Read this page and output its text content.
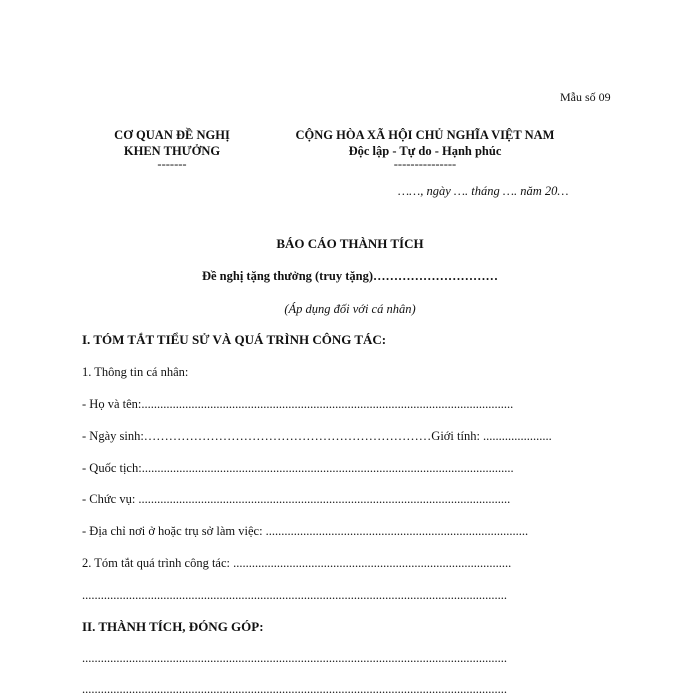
Mẫu số 09
CƠ QUAN ĐỀ NGHỊ
KHEN THƯỞNG
-------
CỘNG HÒA XÃ HỘI CHỦ NGHĨA VIỆT NAM
Độc lập - Tự do - Hạnh phúc
---------------
……, ngày …. tháng …. năm 20…
BÁO CÁO THÀNH TÍCH
Đề nghị tặng thưởng (truy tặng)…………………………
(Áp dụng đối với cá nhân)
I. TÓM TẮT TIỂU SỬ VÀ QUÁ TRÌNH CÔNG TÁC:
1. Thông tin cá nhân:
- Họ và tên:.......................................................................................................................
- Ngày sinh:……………………………………………………………Giới tính: ......................
- Quốc tịch:.......................................................................................................................
- Chức vụ: .......................................................................................................................
- Địa chỉ nơi ở hoặc trụ sở làm việc: ....................................................................................
2. Tóm tắt quá trình công tác: .........................................................................................
........................................................................................................................................
II. THÀNH TÍCH, ĐÓNG GÓP:
........................................................................................................................................
........................................................................................................................................
